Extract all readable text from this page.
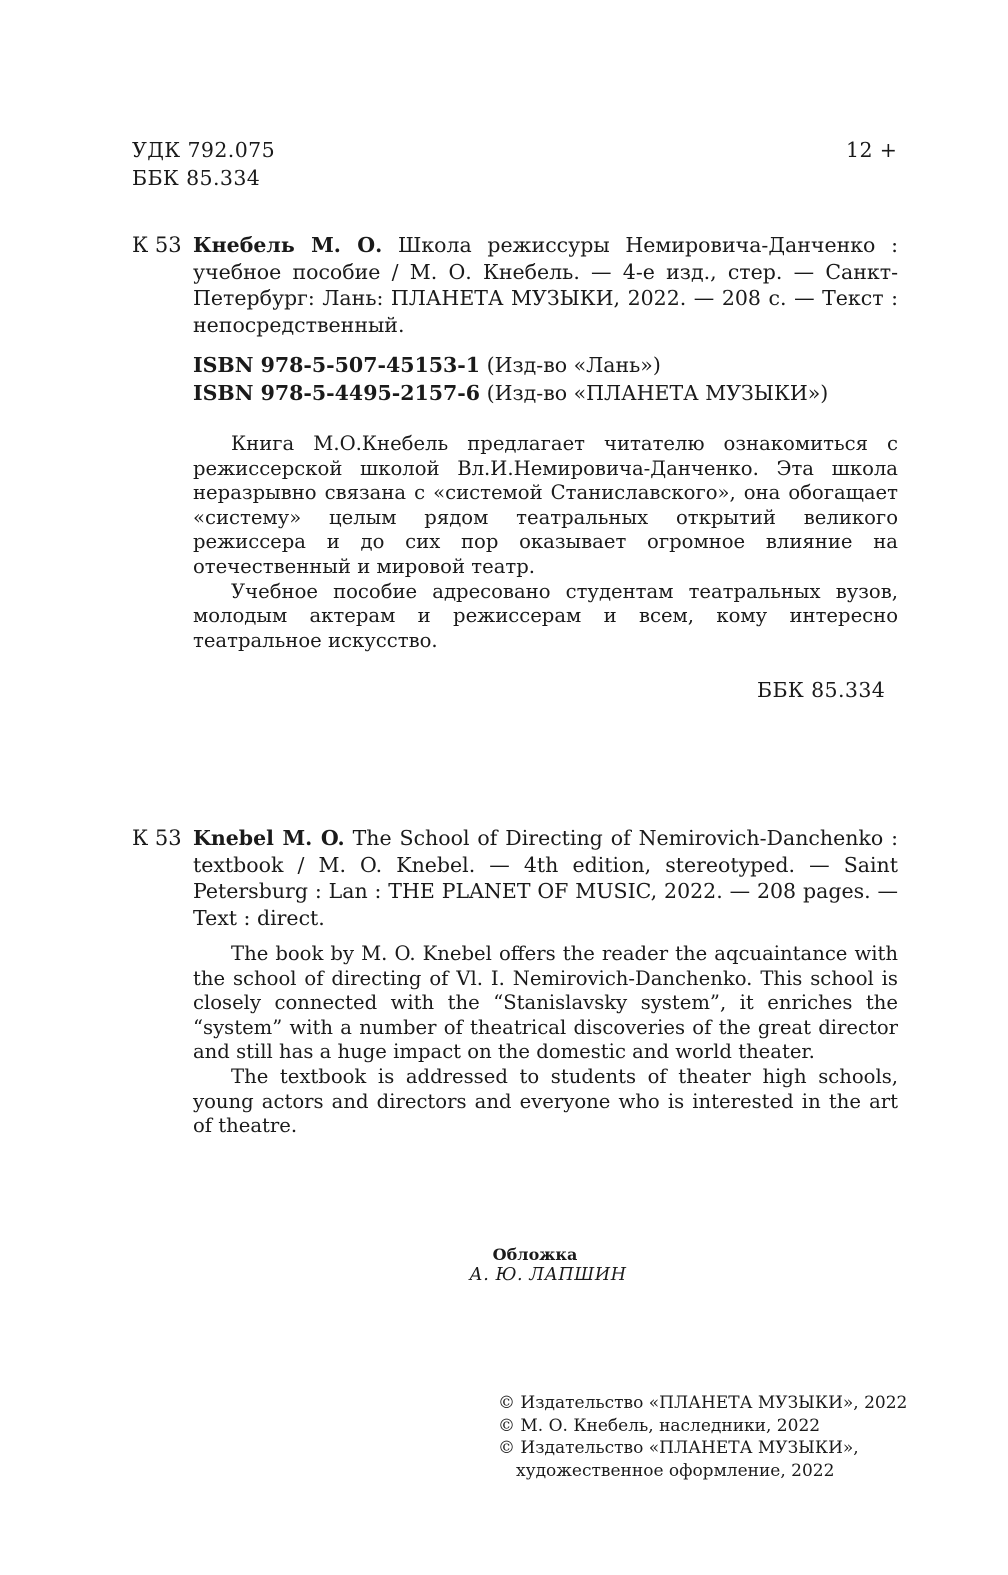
УДК 792.075
ББК 85.334
12 +
К 53 Кнебель М. О. Школа режиссуры Немировича-Данченко : учебное пособие / М. О. Кнебель. — 4-е изд., стер. — Санкт-Петербург: Лань: ПЛАНЕТА МУЗЫКИ, 2022. — 208 с. — Текст : непосредственный.
ISBN 978-5-507-45153-1 (Изд-во «Лань»)
ISBN 978-5-4495-2157-6 (Изд-во «ПЛАНЕТА МУЗЫКИ»)

Книга М.О.Кнебель предлагает читателю ознакомиться с режиссерской школой Вл.И.Немировича-Данченко. Эта школа неразрывно связана с «системой Станиславского», она обогащает «систему» целым рядом театральных открытий великого режиссера и до сих пор оказывает огромное влияние на отечественный и мировой театр.

Учебное пособие адресовано студентам театральных вузов, молодым актерам и режиссерам и всем, кому интересно театральное искусство.

ББК 85.334
К 53 Knebel M. O. The School of Directing of Nemirovich-Danchenko : textbook / M. O. Knebel. — 4th edition, stereotyped. — Saint Petersburg : Lan : THE PLANET OF MUSIC, 2022. — 208 pages. — Text : direct.

The book by M. O. Knebel offers the reader the aqcuaintance with the school of directing of Vl. I. Nemirovich-Danchenko. This school is closely connected with the “Stanislavsky system”, it enriches the “system” with a number of theatrical discoveries of the great director and still has a huge impact on the domestic and world theater.

The textbook is addressed to students of theater high schools, young actors and directors and everyone who is interested in the art of theatre.

Обложка
А. Ю. ЛАПШИН
© Издательство «ПЛАНЕТА МУЗЫКИ», 2022
© М. О. Кнебель, наследники, 2022
© Издательство «ПЛАНЕТА МУЗЫКИ»,
художественное оформление, 2022
